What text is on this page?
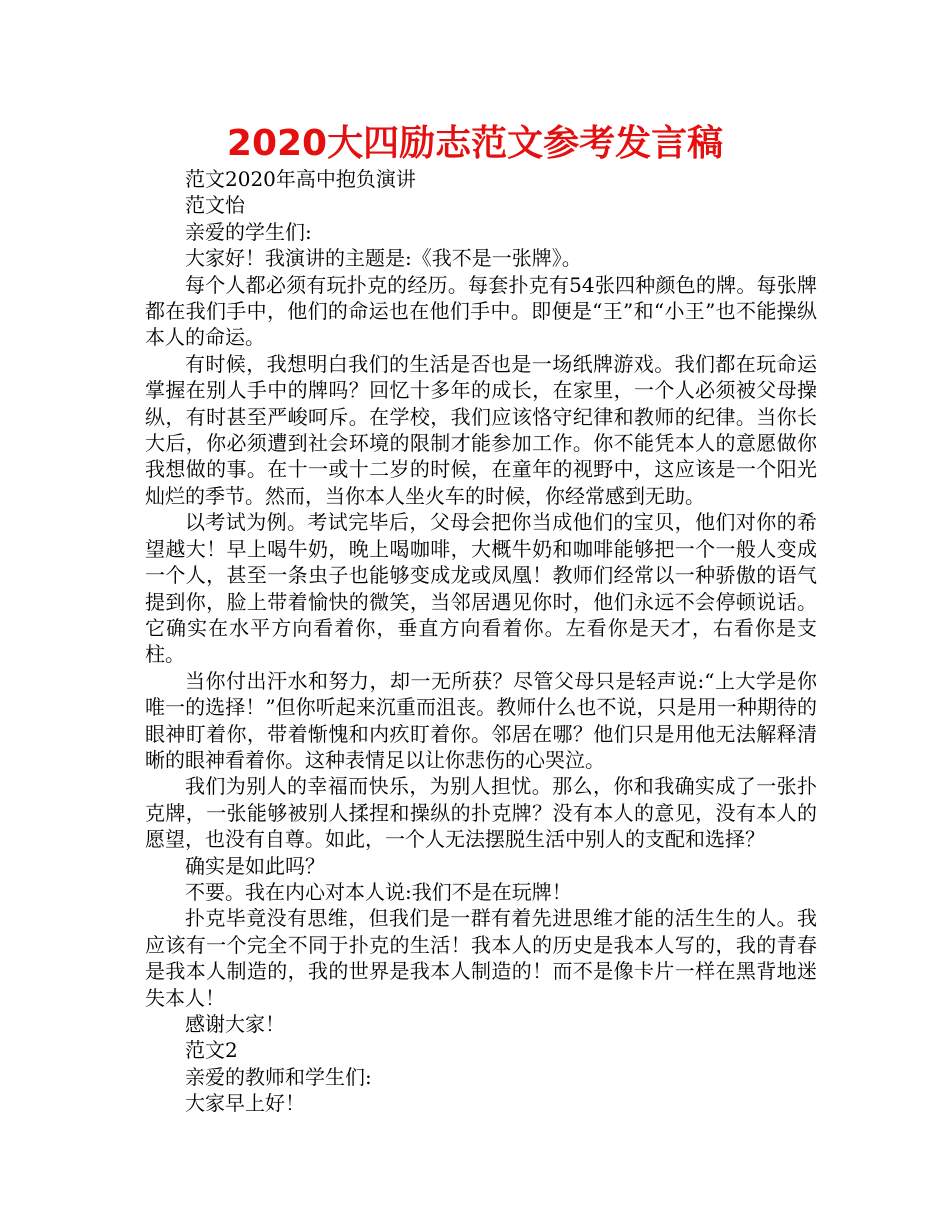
2020大四励志范文参考发言稿

范文2020年高中抱负演讲

范文怡

亲爱的学生们:

大家好！我演讲的主题是:《我不是一张牌》。

每个人都必须有玩扑克的经历。每套扑克有54张四种颜色的牌。每张牌都在我们手中，他们的命运也在他们手中。即便是“王”和“小王”也不能操纵本人的命运。

有时候，我想明白我们的生活是否也是一场纸牌游戏。我们都在玩命运掌握在别人手中的牌吗？回忆十多年的成长，在家里，一个人必须被父母操纵，有时甚至严峻呵斥。在学校，我们应该恪守纪律和教师的纪律。当你长大后，你必须遭到社会环境的限制才能参加工作。你不能凭本人的意愿做你我想做的事。在十一或十二岁的时候，在童年的视野中，这应该是一个阳光灿烂的季节。然而，当你本人坐火车的时候，你经常感到无助。

以考试为例。考试完毕后，父母会把你当成他们的宝贝，他们对你的希望越大！早上喝牛奶，晚上喝咖啡，大概牛奶和咖啡能够把一个一般人变成一个人，甚至一条虫子也能够变成龙或凤凰！教师们经常以一种骄傲的语气提到你，脸上带着愉快的微笑，当邻居遇见你时，他们永远不会停顿说话。它确实在水平方向看着你，垂直方向看着你。左看你是天才，右看你是支柱。

当你付出汗水和努力，却一无所获？尽管父母只是轻声说:“上大学是你唯一的选择！”但你听起来沉重而沮丧。教师什么也不说，只是用一种期待的眼神盯着你，带着惭愧和内疚盯着你。邻居在哪？他们只是用他无法解释清晰的眼神看着你。这种表情足以让你悲伤的心哭泣。

我们为别人的幸福而快乐，为别人担忧。那么，你和我确实成了一张扑克牌，一张能够被别人揉捏和操纵的扑克牌？没有本人的意见，没有本人的愿望，也没有自尊。如此，一个人无法摆脱生活中别人的支配和选择？

确实是如此吗？

不要。我在内心对本人说:我们不是在玩牌！

扑克毕竟没有思维，但我们是一群有着先进思维才能的活生生的人。我应该有一个完全不同于扑克的生活！我本人的历史是我本人写的，我的青春是我本人制造的，我的世界是我本人制造的！而不是像卡片一样在黑背地迷失本人！

感谢大家！

范文2

亲爱的教师和学生们:

大家早上好！
